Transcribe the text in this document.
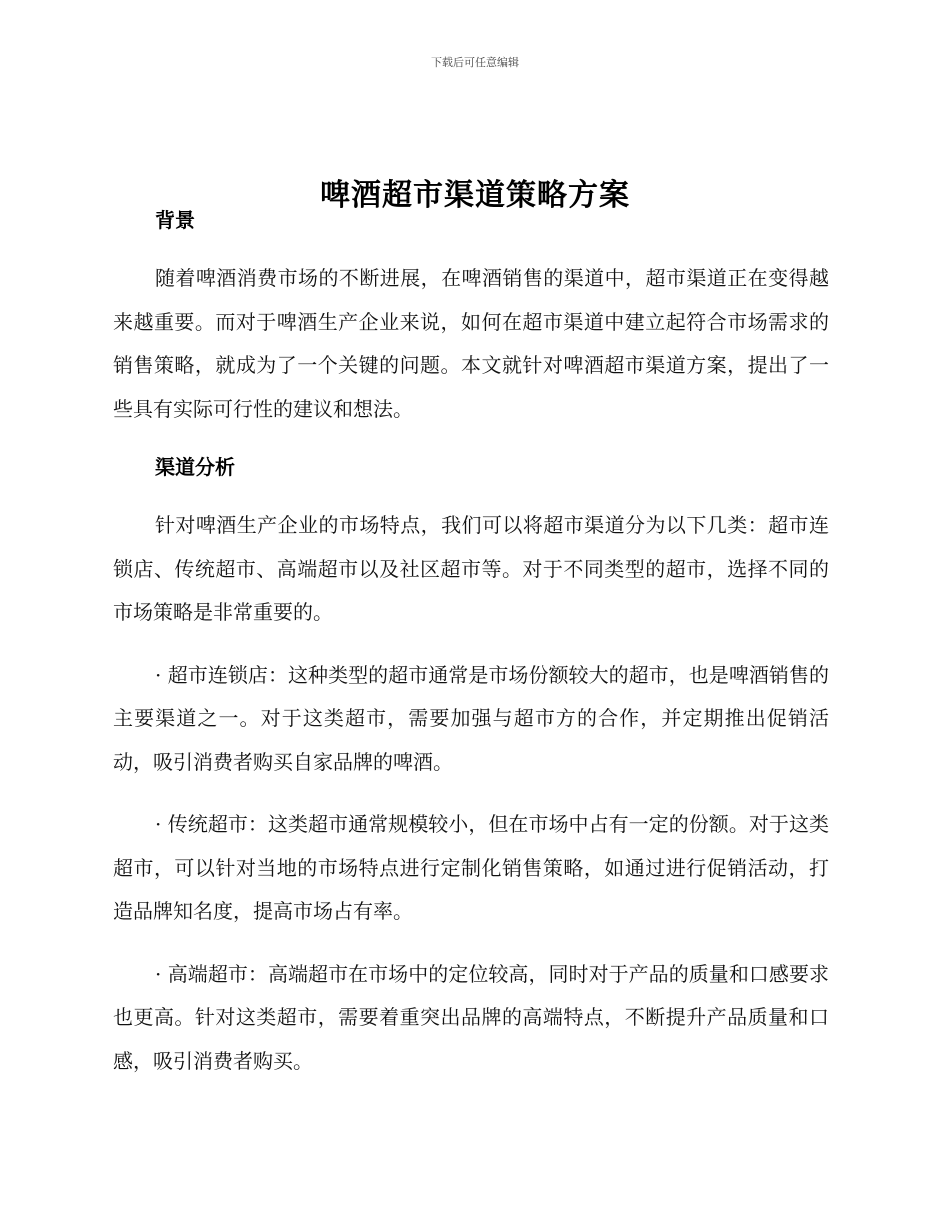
下载后可任意编辑
啤酒超市渠道策略方案
背景

随着啤酒消费市场的不断进展，在啤酒销售的渠道中，超市渠道正在变得越来越重要。而对于啤酒生产企业来说，如何在超市渠道中建立起符合市场需求的销售策略，就成为了一个关键的问题。本文就针对啤酒超市渠道方案，提出了一些具有实际可行性的建议和想法。

渠道分析

针对啤酒生产企业的市场特点，我们可以将超市渠道分为以下几类：超市连锁店、传统超市、高端超市以及社区超市等。对于不同类型的超市，选择不同的市场策略是非常重要的。

· 超市连锁店：这种类型的超市通常是市场份额较大的超市，也是啤酒销售的主要渠道之一。对于这类超市，需要加强与超市方的合作，并定期推出促销活动，吸引消费者购买自家品牌的啤酒。

· 传统超市：这类超市通常规模较小，但在市场中占有一定的份额。对于这类超市，可以针对当地的市场特点进行定制化销售策略，如通过进行促销活动，打造品牌知名度，提高市场占有率。

· 高端超市：高端超市在市场中的定位较高，同时对于产品的质量和口感要求也更高。针对这类超市，需要着重突出品牌的高端特点，不断提升产品质量和口感，吸引消费者购买。
